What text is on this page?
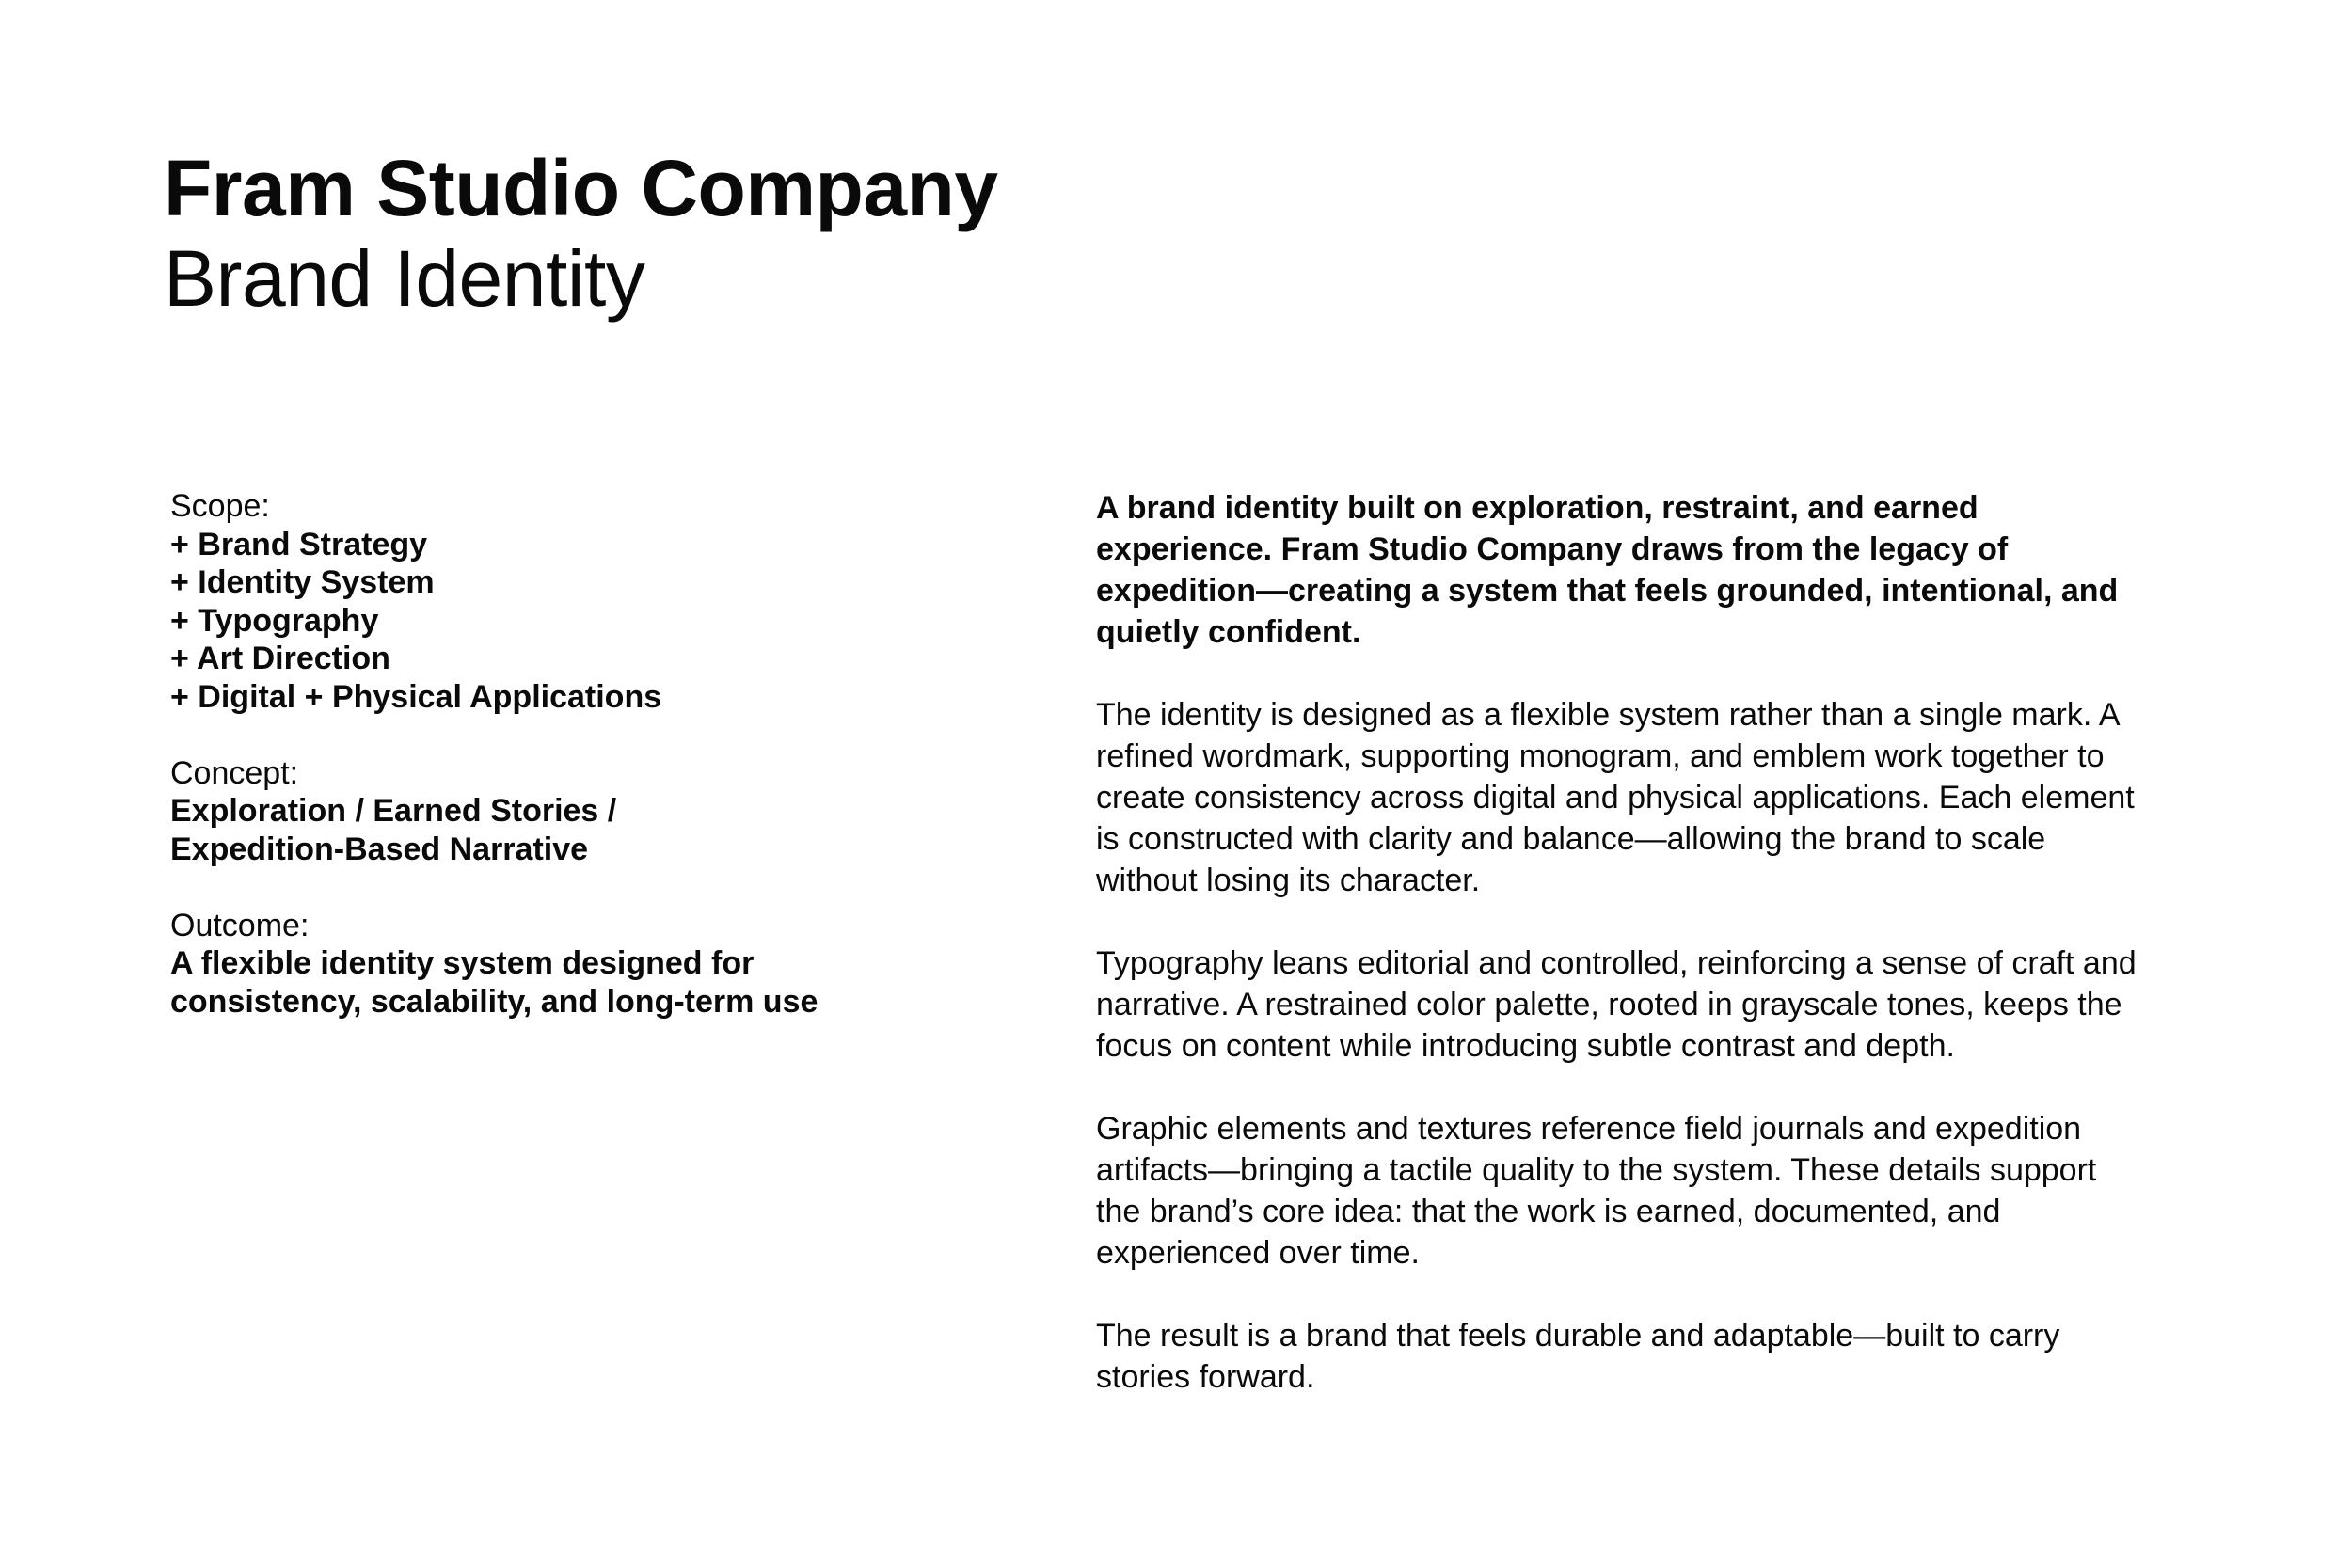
Fram Studio Company
Brand Identity
Scope:
+ Brand Strategy
+ Identity System
+ Typography
+ Art Direction
+ Digital + Physical Applications
Concept:
Exploration / Earned Stories /
Expedition-Based Narrative
Outcome:
A flexible identity system designed for
consistency, scalability, and long-term use

A brand identity built on exploration, restraint, and earned experience. Fram Studio Company draws from the legacy of expedition—creating a system that feels grounded, intentional, and quietly confident.

The identity is designed as a flexible system rather than a single mark. A refined wordmark, supporting monogram, and emblem work together to create consistency across digital and physical applications. Each element is constructed with clarity and balance—allowing the brand to scale without losing its character.

Typography leans editorial and controlled, reinforcing a sense of craft and narrative. A restrained color palette, rooted in grayscale tones, keeps the focus on content while introducing subtle contrast and depth.

Graphic elements and textures reference field journals and expedition artifacts—bringing a tactile quality to the system. These details support the brand’s core idea: that the work is earned, documented, and experienced over time.

The result is a brand that feels durable and adaptable—built to carry stories forward.
